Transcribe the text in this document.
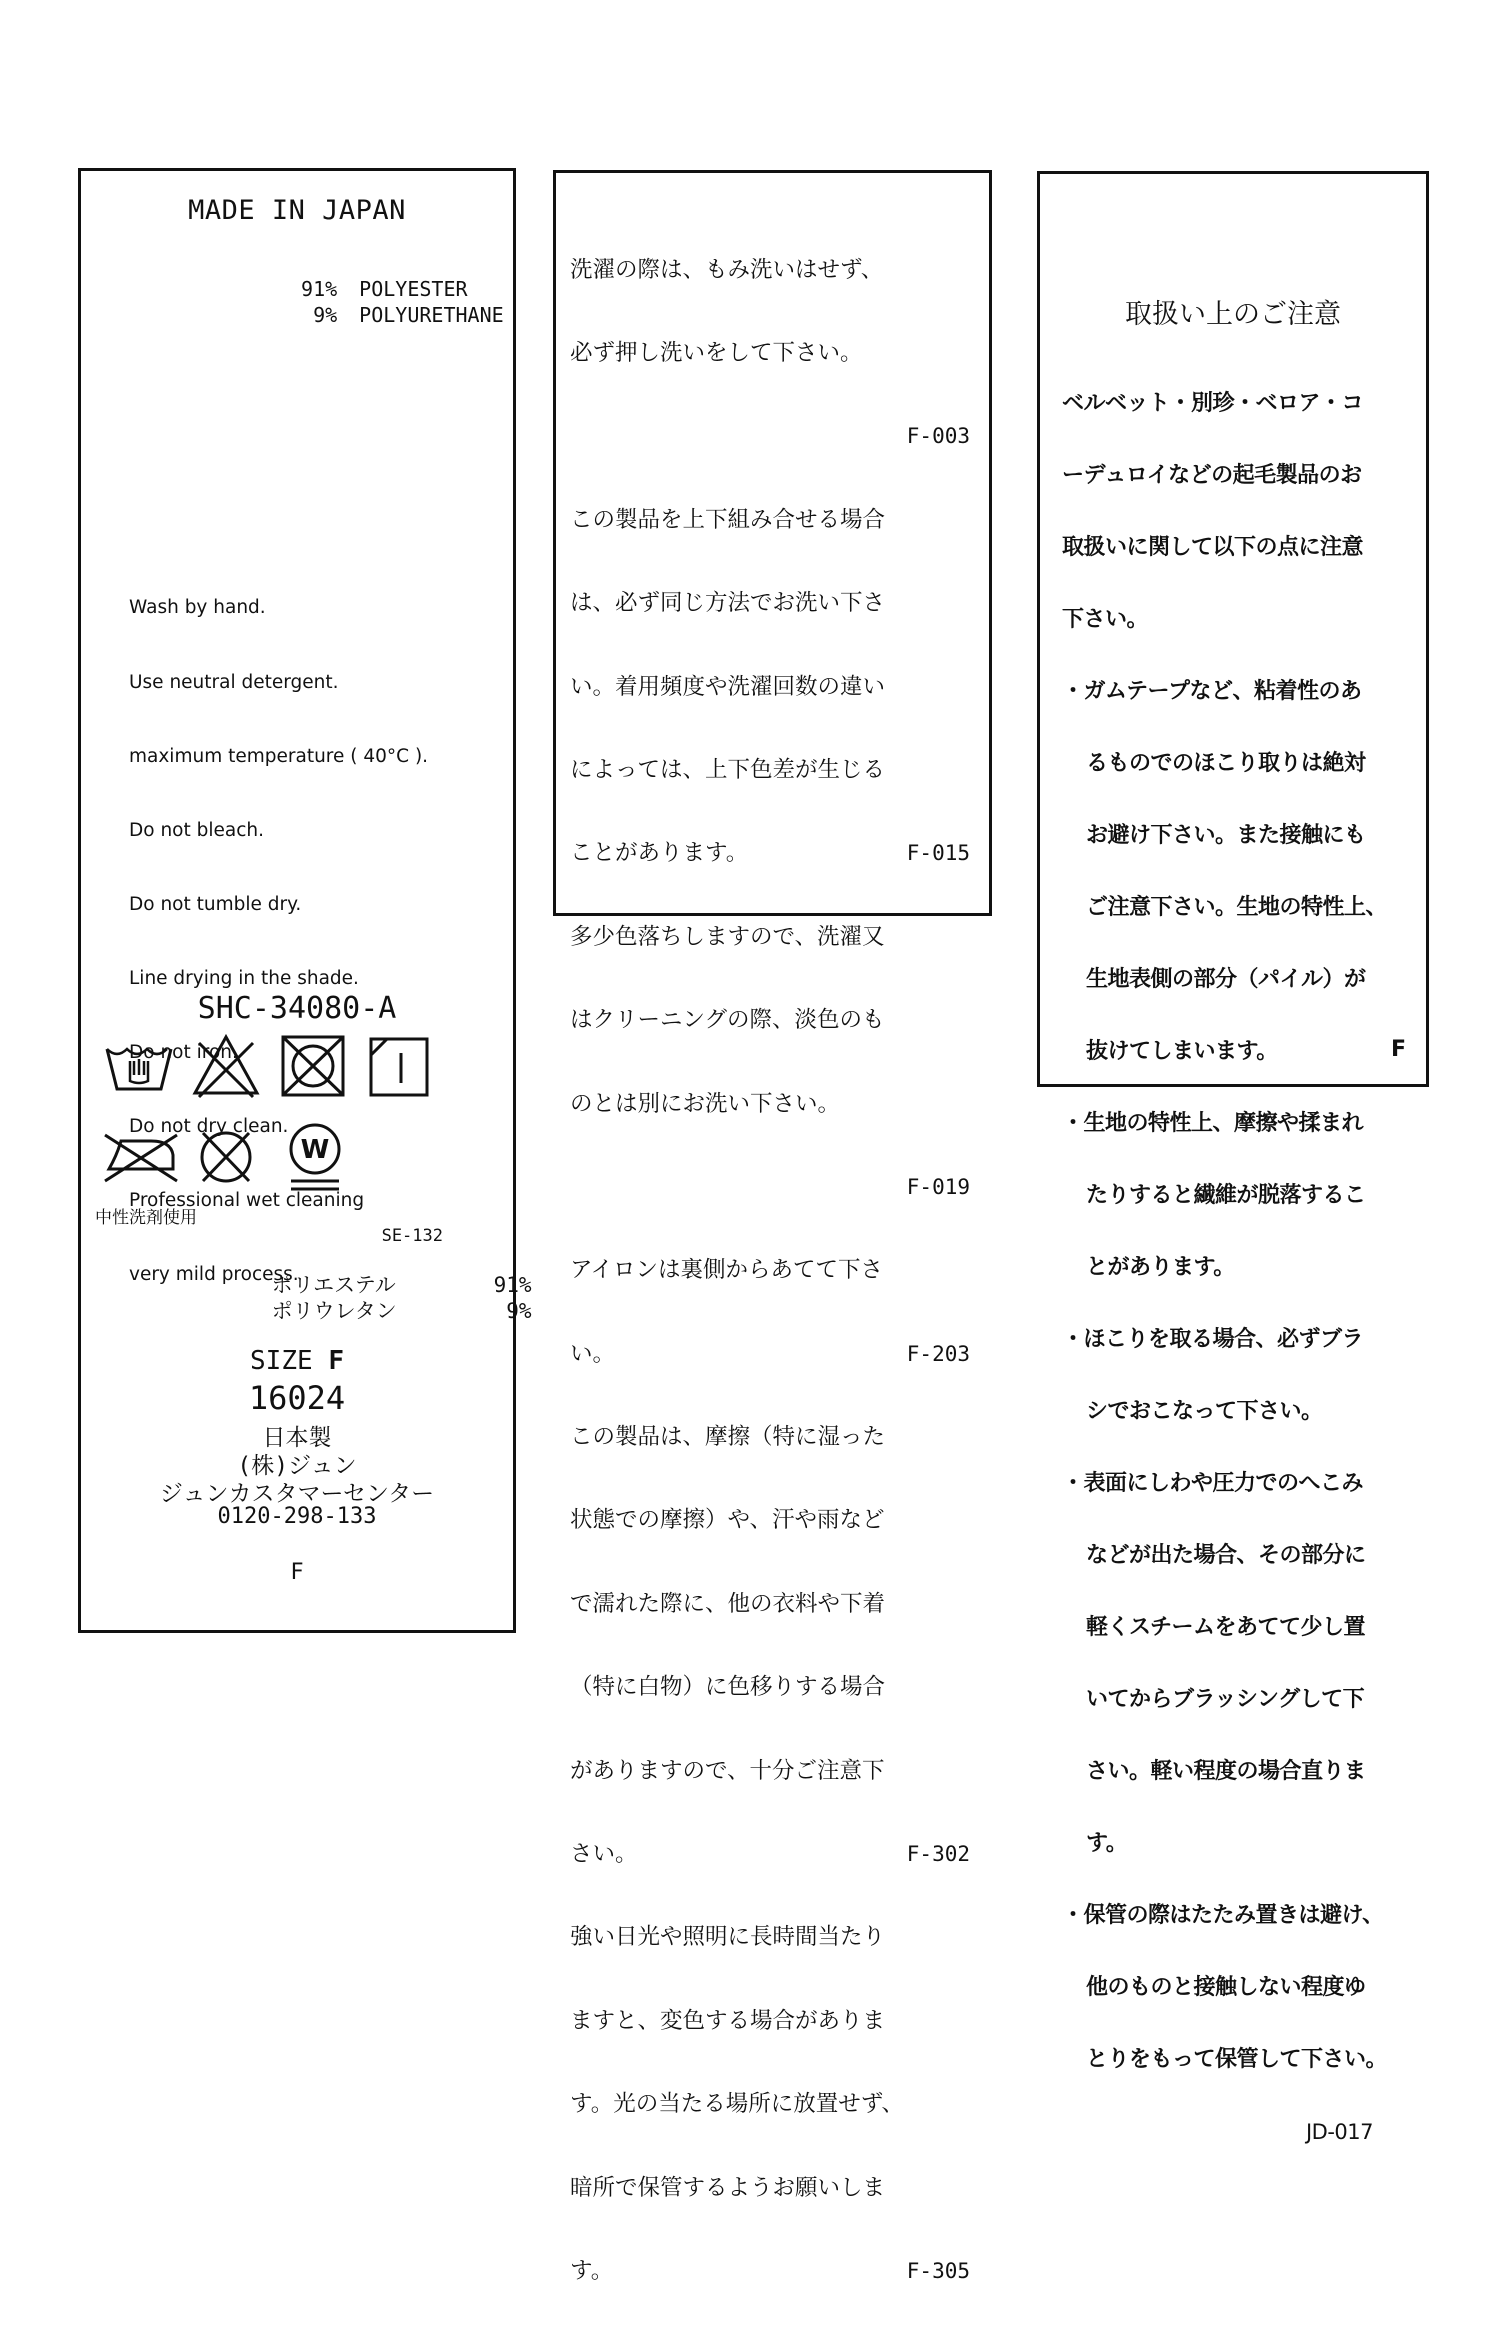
MADE IN JAPAN

91% POLYESTER

9% POLYURETHANE

Wash by hand.

Use neutral detergent.

maximum temperature ( 40°C ).

Do not bleach.

Do not tumble dry.

Line drying in the shade.

Do not iron.

Do not dry clean.

Professional wet cleaning

very mild process.

SHC-34080-A
W
中性洗剤使用
SE-132

ポリエステル	91%

ポリウレタン	9%

SIZE F
16024
日本製
(株)ジュン
ジュンカスタマーセンター
0120-298-133
F

洗濯の際は、もみ洗いはせず、

必ず押し洗いをして下さい。

F-003

この製品を上下組み合せる場合

は、必ず同じ方法でお洗い下さ

い。着用頻度や洗濯回数の違い

によっては、上下色差が生じる

ことがあります。	F-015

多少色落ちしますので、洗濯又

はクリーニングの際、淡色のも

のとは別にお洗い下さい。

F-019

アイロンは裏側からあてて下さ

い。	F-203

この製品は、摩擦（特に湿った

状態での摩擦）や、汗や雨など

で濡れた際に、他の衣料や下着

（特に白物）に色移りする場合

がありますので、十分ご注意下

さい。	F-302

強い日光や照明に長時間当たり

ますと、変色する場合がありま

す。光の当たる場所に放置せず、

暗所で保管するようお願いしま

す。	F-305

取扱い上のご注意

ベルベット・別珍・ベロア・コ

ーデュロイなどの起毛製品のお

取扱いに関して以下の点に注意

下さい。

・ガムテープなど、粘着性のあ

るものでのほこり取りは絶対

お避け下さい。また接触にも

ご注意下さい。生地の特性上、

生地表側の部分（パイル）が

抜けてしまいます。

・生地の特性上、摩擦や揉まれ

たりすると繊維が脱落するこ

とがあります。

・ほこりを取る場合、必ずブラ

シでおこなって下さい。

・表面にしわや圧力でのへこみ

などが出た場合、その部分に

軽くスチームをあてて少し置

いてからブラッシングして下

さい。軽い程度の場合直りま

す。

・保管の際はたたみ置きは避け、

他のものと接触しない程度ゆ

とりをもって保管して下さい。

JD-017

F
